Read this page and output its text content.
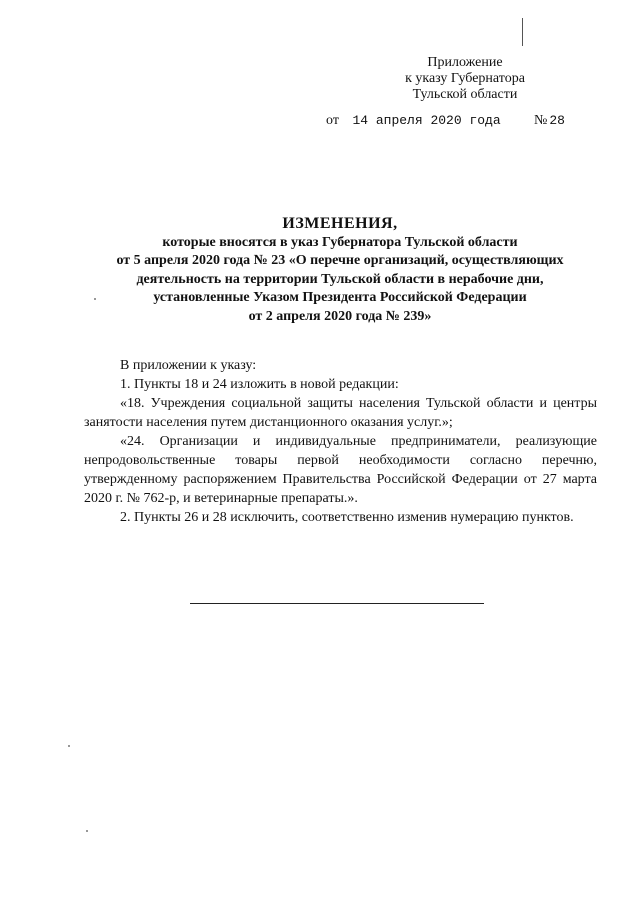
Приложение
к указу Губернатора
Тульской области
от 14 апреля 2020 года № 28
ИЗМЕНЕНИЯ,
которые вносятся в указ Губернатора Тульской области
от 5 апреля 2020 года № 23 «О перечне организаций, осуществляющих
деятельность на территории Тульской области в нерабочие дни,
установленные Указом Президента Российской Федерации
от 2 апреля 2020 года № 239»

В приложении к указу:

1. Пункты 18 и 24 изложить в новой редакции:

«18. Учреждения социальной защиты населения Тульской области и центры занятости населения путем дистанционного оказания услуг.»;

«24. Организации и индивидуальные предприниматели, реализующие непродовольственные товары первой необходимости согласно перечню, утвержденному распоряжением Правительства Российской Федерации от 27 марта 2020 г. № 762-р, и ветеринарные препараты.».

2. Пункты 26 и 28 исключить, соответственно изменив нумерацию пунктов.
